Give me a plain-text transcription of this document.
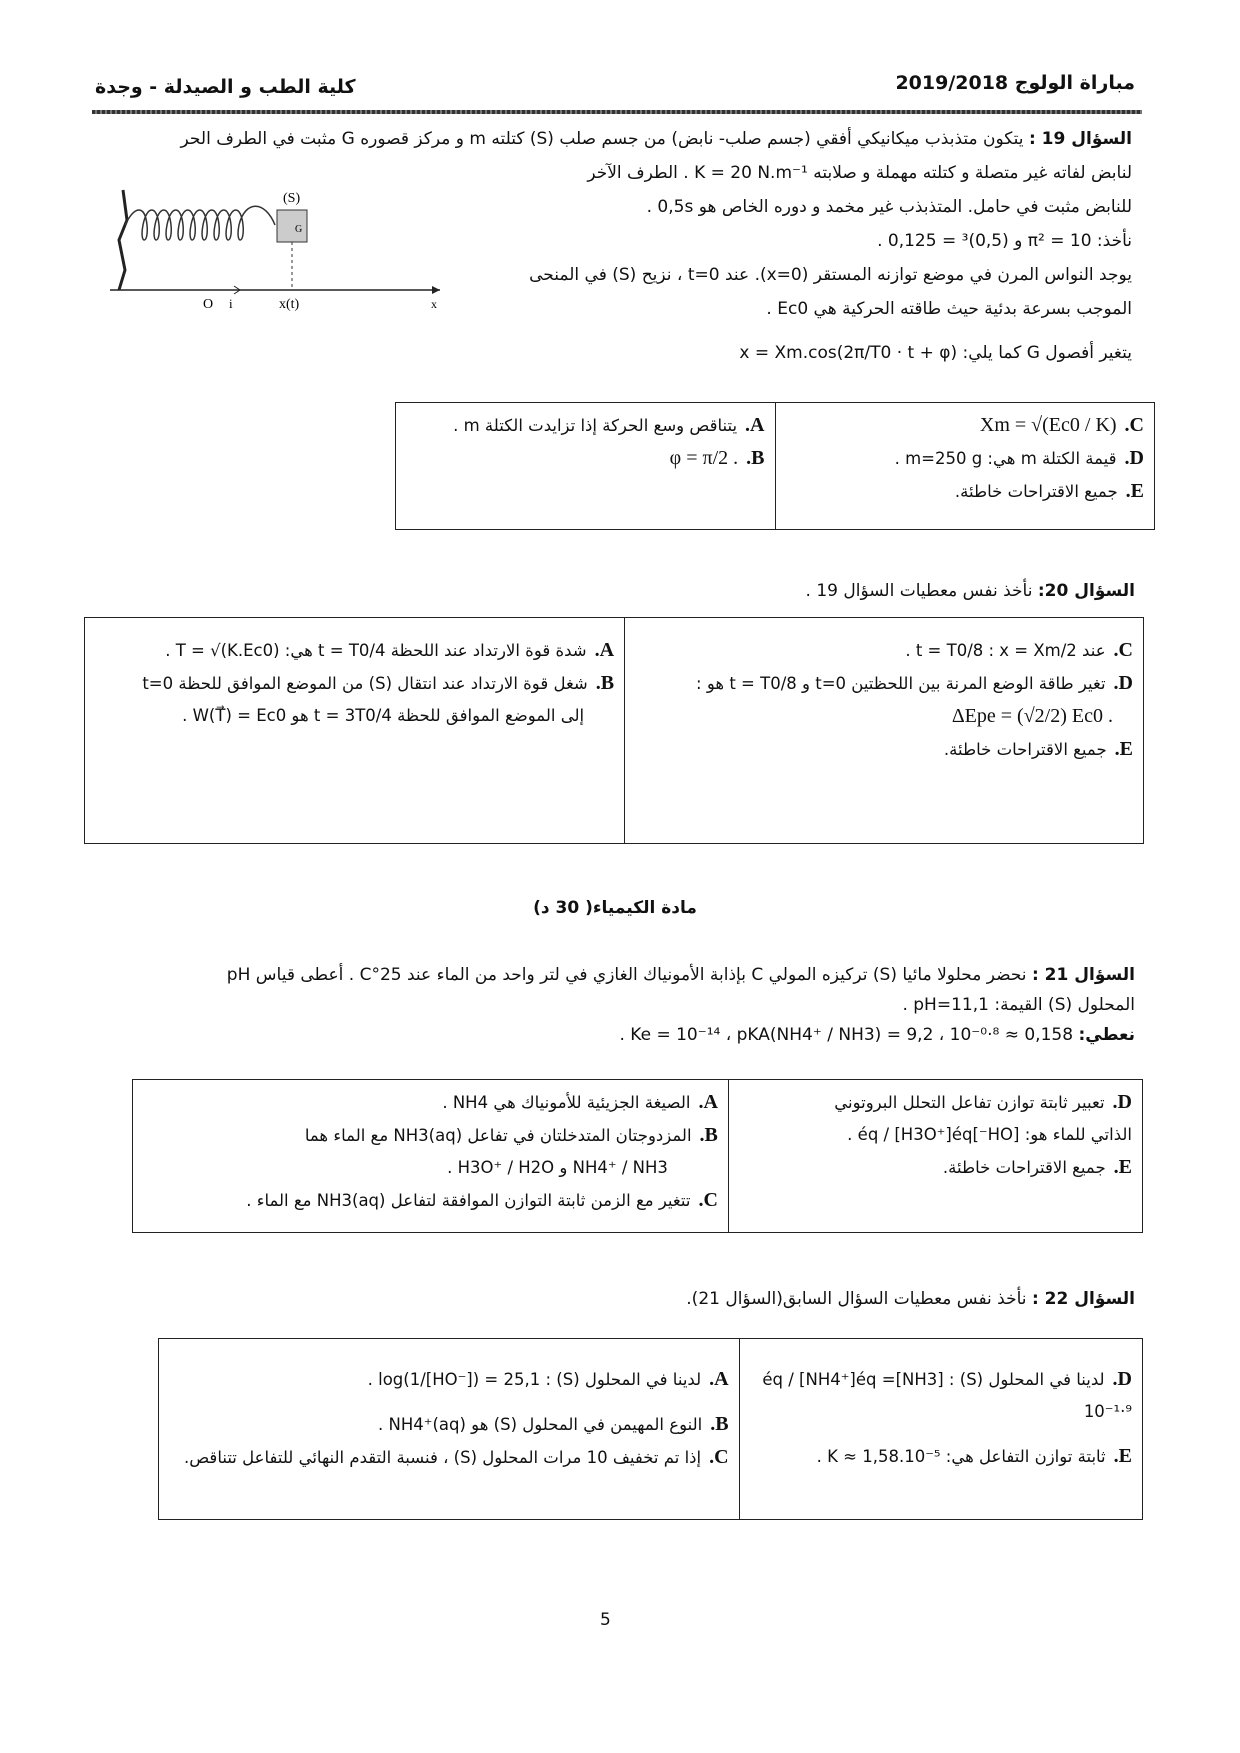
مباراة الولوج 2019/2018
كلية الطب و الصيدلة - وجدة
السؤال 19 : يتكون متذبذب ميكانيكي أفقي (جسم صلب- نابض) من جسم صلب (S) كتلته m و مركز قصوره G مثبت في الطرف الحر
لنابض لفاته غير متصلة و كتلته مهملة و صلابته K = 20 N.m⁻¹ . الطرف الآخر
للنابض مثبت في حامل. المتذبذب غير مخمد و دوره الخاص هو 0,5s .
نأخذ: π² = 10 و (0,5)³ = 0,125 .
يوجد النواس المرن في موضع توازنه المستقر (x=0). عند t=0 ، نزيح (S) في المنحى
الموجب بسرعة بدئية حيث طاقته الحركية هي Ec0 .
يتغير أفصول G كما يلي: x = Xm.cos(2π/T0 · t + φ)
(S)
G
O i	x(t)	x
A.يتناقص وسع الحركة إذا تزايدت الكتلة m .
B.φ = π/2 .

C.Xm = √(Ec0 / K)
D.قيمة الكتلة m هي: m=250 g .
E.جميع الاقتراحات خاطئة.
السؤال 20: نأخذ نفس معطيات السؤال 19 .
A.شدة قوة الارتداد عند اللحظة t = T0/4 هي: T = √(K.Ec0) .
B.شغل قوة الارتداد عند انتقال (S) من الموضع الموافق للحظة t=0
إلى الموضع الموافق للحظة t = 3T0/4 هو W(T⃗) = Ec0 .

C.عند t = T0/8 : x = Xm/2 .
D.تغير طاقة الوضع المرنة بين اللحظتين t=0 و t = T0/8 هو :
ΔEpe = (√2/2) Ec0 .
E.جميع الاقتراحات خاطئة.
مادة الكيمياء( 30 د)
السؤال 21 : نحضر محلولا مائيا (S) تركيزه المولي C بإذابة الأمونياك الغازي في لتر واحد من الماء عند 25°C . أعطى قياس pH
المحلول (S) القيمة: pH=11,1 .
نعطي: Ke = 10⁻¹⁴ ، pKA(NH4⁺ / NH3) = 9,2 ، 10⁻⁰·⁸ ≈ 0,158 .
A.الصيغة الجزيئية للأمونياك هي NH4 .
B.المزدوجتان المتدخلتان في تفاعل NH3(aq) مع الماء هما
NH4⁺ / NH3 و H3O⁺ / H2O .
C.تتغير مع الزمن ثابتة التوازن الموافقة لتفاعل NH3(aq) مع الماء .

D.تعبير ثابتة توازن تفاعل التحلل البروتوني
الذاتي للماء هو: [HO⁻]éq / [H3O⁺]éq .
E.جميع الاقتراحات خاطئة.
السؤال 22 : نأخذ نفس معطيات السؤال السابق(السؤال 21).
A.لدينا في المحلول (S) : log(1/[HO⁻]) = 25,1 .
B.النوع المهيمن في المحلول (S) هو NH4⁺(aq) .
C.إذا تم تخفيف 10 مرات المحلول (S) ، فنسبة التقدم النهائي للتفاعل تتناقص.

D.لدينا في المحلول (S) : [NH3]éq / [NH4⁺]éq = 10⁻¹·⁹
E.ثابتة توازن التفاعل هي: K ≈ 1,58.10⁻⁵ .
5
